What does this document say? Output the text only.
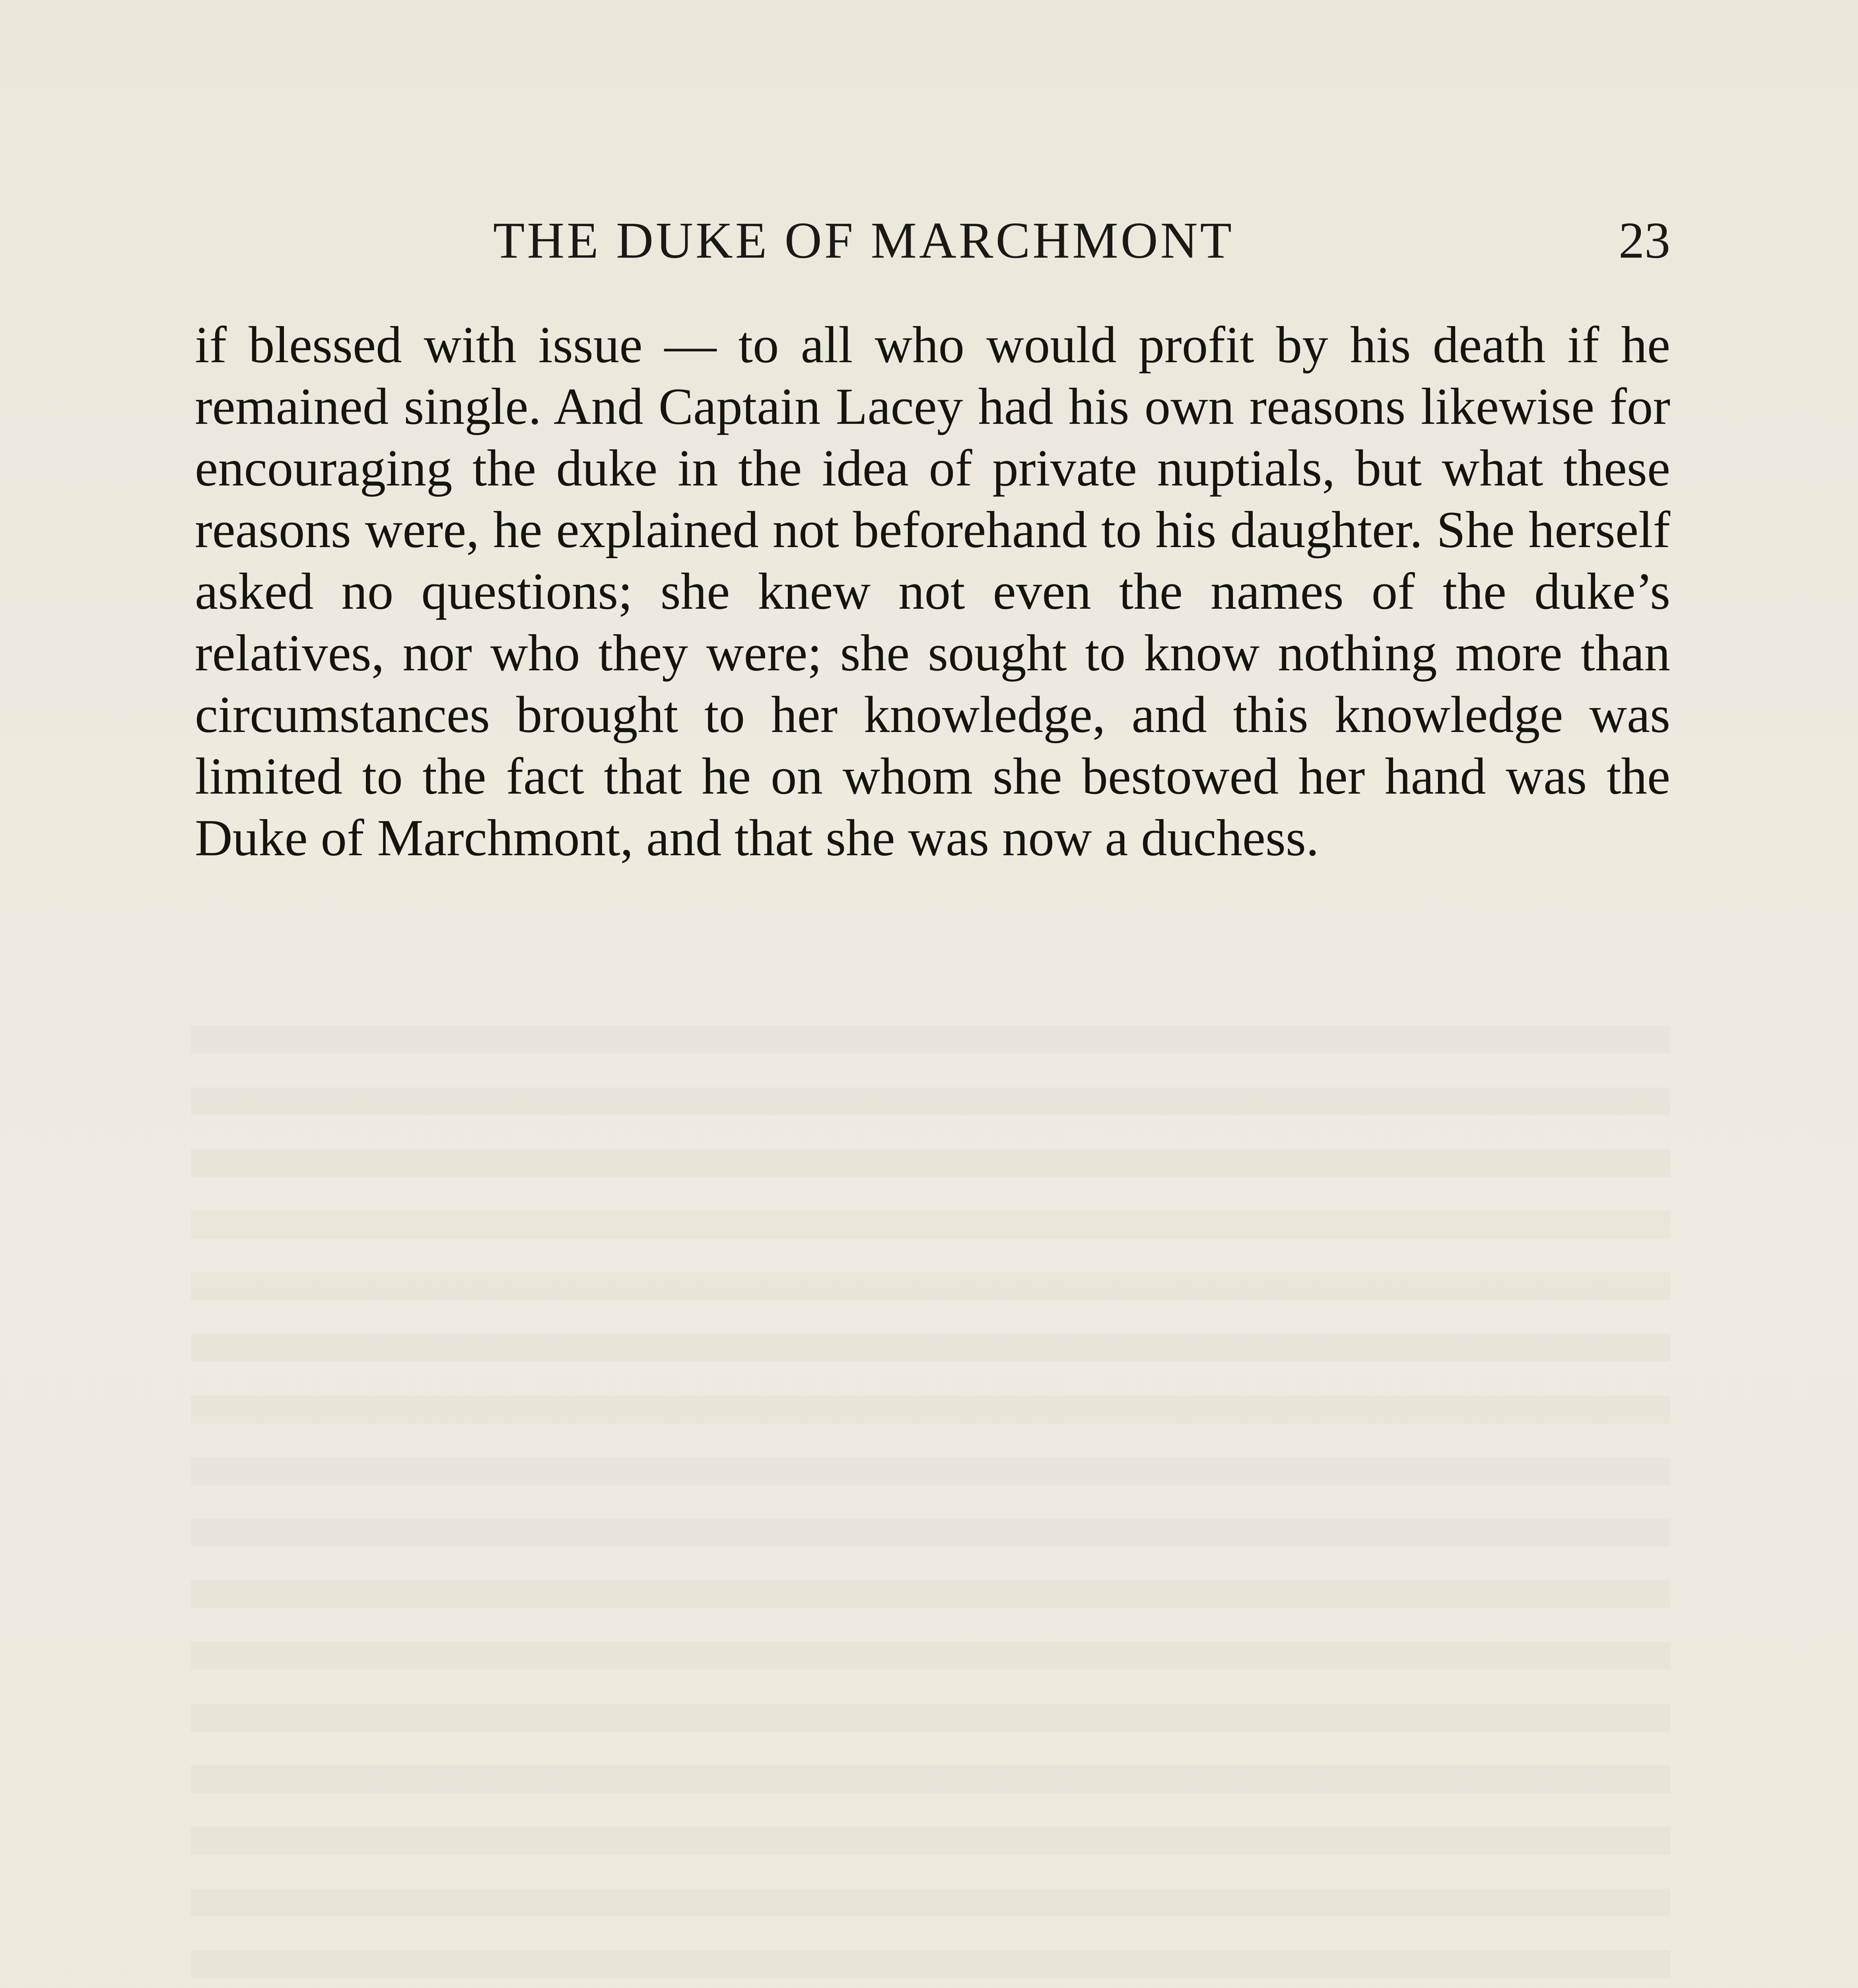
THE DUKE OF MARCHMONT	23

if blessed with issue — to all who would profit by his death if he remained single. And Captain Lacey had his own reasons likewise for encouraging the duke in the idea of private nuptials, but what these reasons were, he explained not beforehand to his daughter. She herself asked no questions; she knew not even the names of the duke’s relatives, nor who they were; she sought to know nothing more than circumstances brought to her knowledge, and this knowledge was limited to the fact that he on whom she bestowed her hand was the Duke of Marchmont, and that she was now a duchess.
